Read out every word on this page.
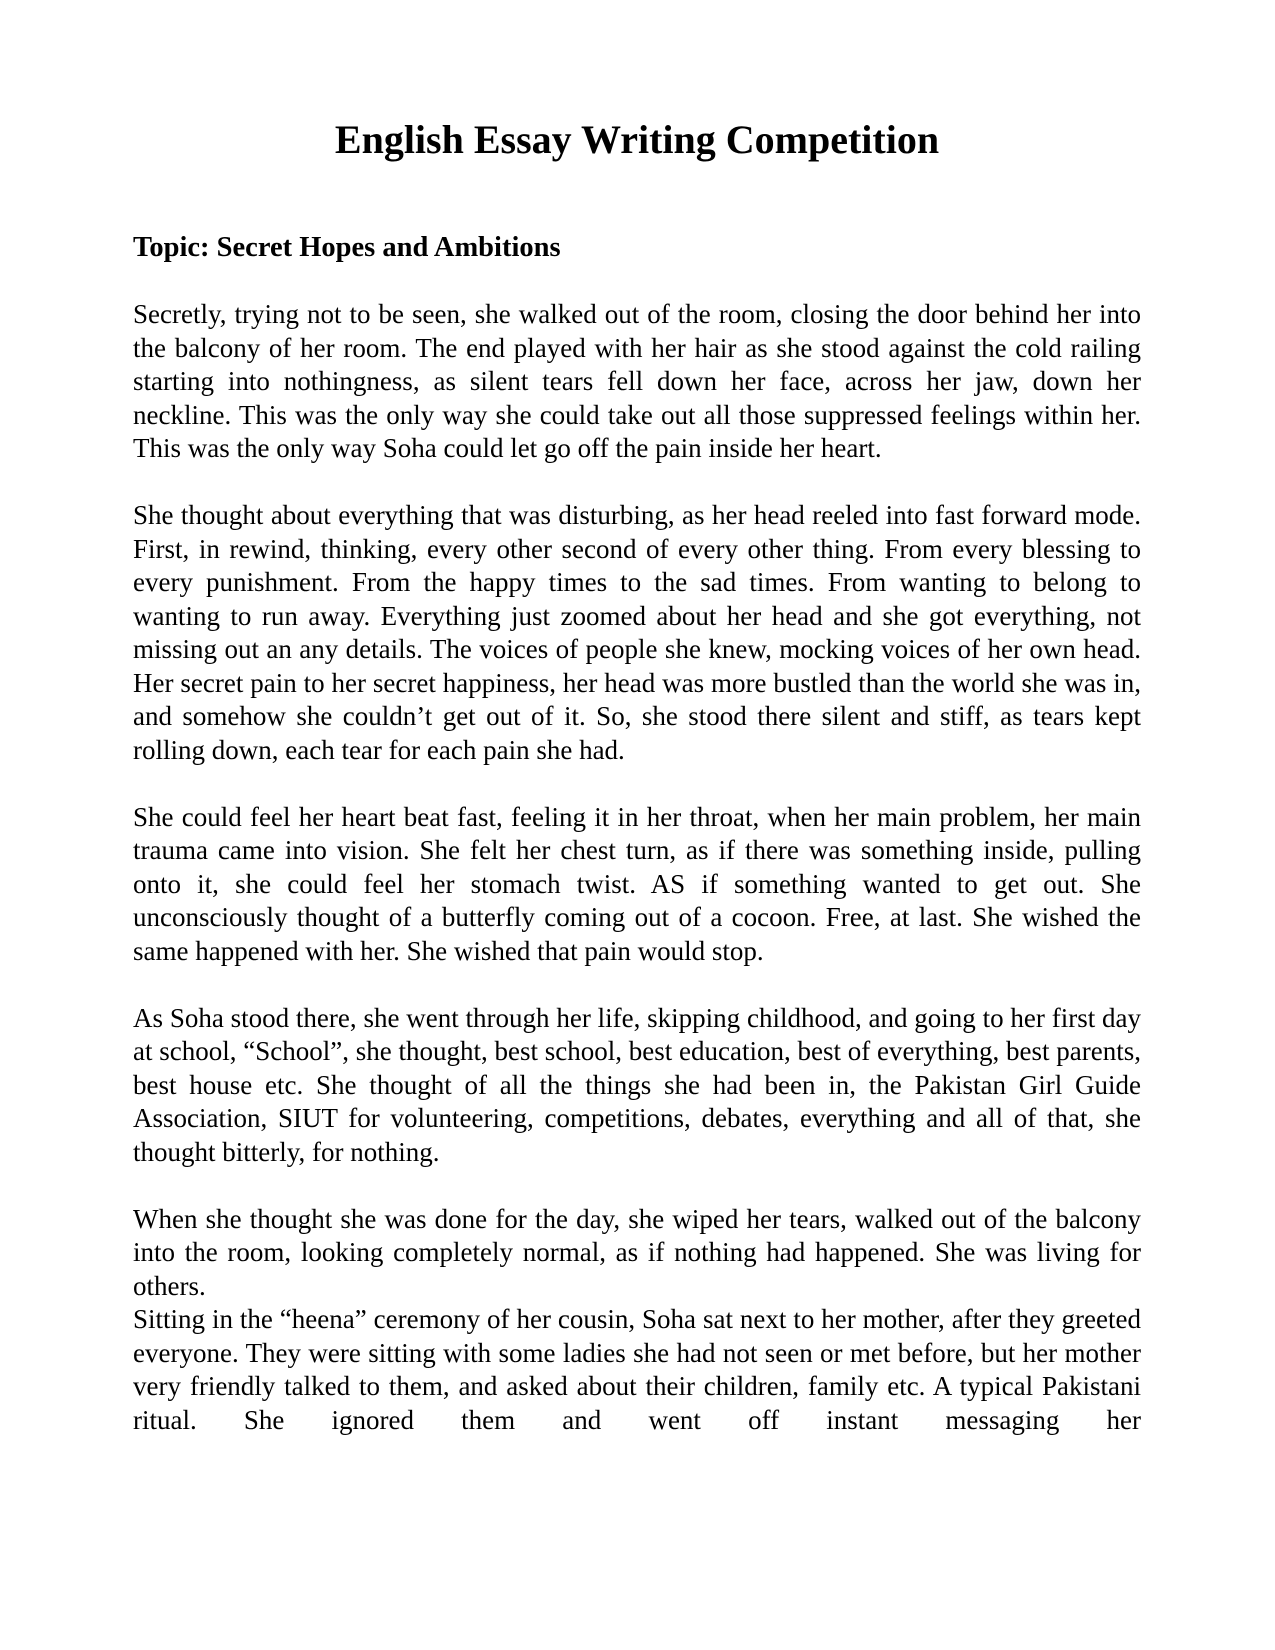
English Essay Writing Competition
Topic: Secret Hopes and Ambitions

Secretly, trying not to be seen, she walked out of the room, closing the door behind her into the balcony of her room. The end played with her hair as she stood against the cold railing starting into nothingness, as silent tears fell down her face, across her jaw, down her neckline. This was the only way she could take out all those suppressed feelings within her. This was the only way Soha could let go off the pain inside her heart.

She thought about everything that was disturbing, as her head reeled into fast forward mode. First, in rewind, thinking, every other second of every other thing. From every blessing to every punishment. From the happy times to the sad times. From wanting to belong to wanting to run away. Everything just zoomed about her head and she got everything, not missing out an any details. The voices of people she knew, mocking voices of her own head. Her secret pain to her secret happiness, her head was more bustled than the world she was in, and somehow she couldn’t get out of it. So, she stood there silent and stiff, as tears kept rolling down, each tear for each pain she had.

She could feel her heart beat fast, feeling it in her throat, when her main problem, her main trauma came into vision. She felt her chest turn, as if there was something inside, pulling onto it, she could feel her stomach twist. AS if something wanted to get out. She unconsciously thought of a butterfly coming out of a cocoon. Free, at last. She wished the same happened with her. She wished that pain would stop.

As Soha stood there, she went through her life, skipping childhood, and going to her first day at school, “School”, she thought, best school, best education, best of everything, best parents, best house etc. She thought of all the things she had been in, the Pakistan Girl Guide Association, SIUT for volunteering, competitions, debates, everything and all of that, she thought bitterly, for nothing.

When she thought she was done for the day, she wiped her tears, walked out of the balcony into the room, looking completely normal, as if nothing had happened. She was living for others.

Sitting in the “heena” ceremony of her cousin, Soha sat next to her mother, after they greeted everyone. They were sitting with some ladies she had not seen or met before, but her mother very friendly talked to them, and asked about their children, family etc. A typical Pakistani ritual. She ignored them and went off instant messaging her
